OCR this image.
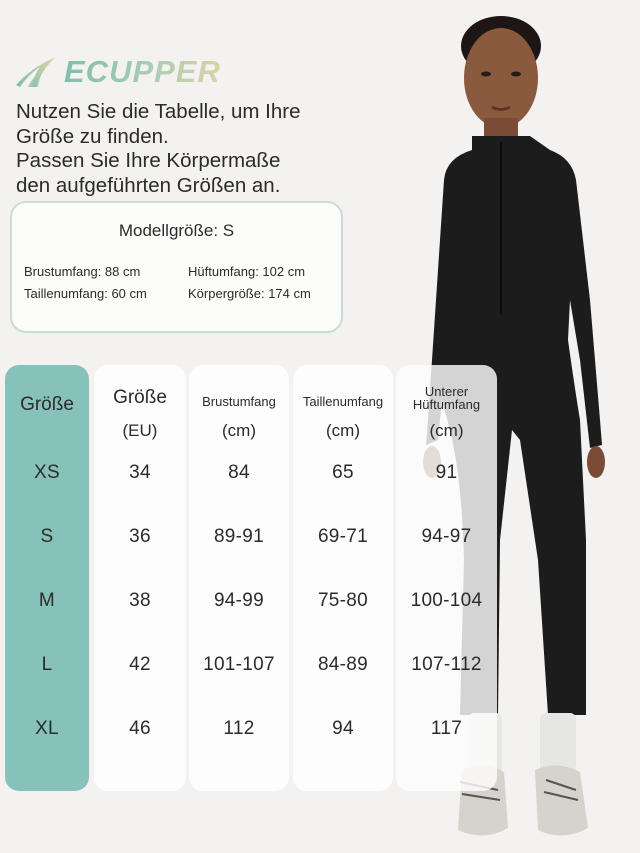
ECUPPER
Nutzen Sie die Tabelle, um Ihre
Größe zu finden.
Passen Sie Ihre Körpermaße
den aufgeführten Größen an.
Modellgröße: S
Brustumfang: 88 cm
Taillenumfang: 60 cm
Hüftumfang: 102 cm
Körpergröße: 174 cm
Größe
XS
S
M
L
XL
Größe
(EU)
34
36
38
42
46
Brustumfang
(cm)
84
89-91
94-99
101-107
112
Taillenumfang
(cm)
65
69-71
75-80
84-89
94
Unterer
Hüftumfang
(cm)
91
94-97
100-104
107-112
117
